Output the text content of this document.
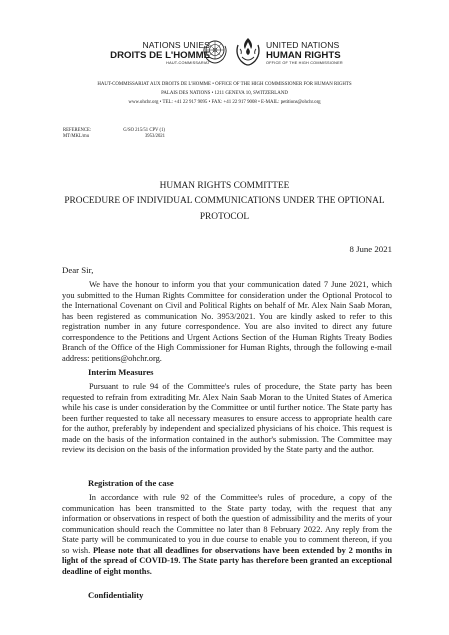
NATIONS UNIES
DROITS DE L'HOMME
HAUT-COMMISSARIAT
UNITED NATIONS
HUMAN RIGHTS
OFFICE OF THE HIGH COMMISSIONER
HAUT-COMMISSARIAT AUX DROITS DE L'HOMME • OFFICE OF THE HIGH COMMISSIONER FOR HUMAN RIGHTS
PALAIS DES NATIONS • 1211 GENEVA 10, SWITZERLAND
www.ohchr.org • TEL: +41 22 917 9095 • FAX: +41 22 917 9008 • E-MAIL: petitions@ohchr.org
REFERENCE:
MT/MKL/mu
G/SO 215/51 CPV (1)
3953/2021
HUMAN RIGHTS COMMITTEE
PROCEDURE OF INDIVIDUAL COMMUNICATIONS UNDER THE OPTIONAL
PROTOCOL
8 June 2021
Dear Sir,
We have the honour to inform you that your communication dated 7 June 2021, which you submitted to the Human Rights Committee for consideration under the Optional Protocol to the International Covenant on Civil and Political Rights on behalf of Mr. Alex Nain Saab Moran, has been registered as communication No. 3953/2021. You are kindly asked to refer to this registration number in any future correspondence. You are also invited to direct any future correspondence to the Petitions and Urgent Actions Section of the Human Rights Treaty Bodies Branch of the Office of the High Commissioner for Human Rights, through the following e-mail address: petitions@ohchr.org.
Interim Measures
Pursuant to rule 94 of the Committee's rules of procedure, the State party has been requested to refrain from extraditing Mr. Alex Nain Saab Moran to the United States of America while his case is under consideration by the Committee or until further notice. The State party has been further requested to take all necessary measures to ensure access to appropriate health care for the author, preferably by independent and specialized physicians of his choice. This request is made on the basis of the information contained in the author's submission. The Committee may review its decision on the basis of the information provided by the State party and the author.
Registration of the case
In accordance with rule 92 of the Committee's rules of procedure, a copy of the communication has been transmitted to the State party today, with the request that any information or observations in respect of both the question of admissibility and the merits of your communication should reach the Committee no later than 8 February 2022. Any reply from the State party will be communicated to you in due course to enable you to comment thereon, if you so wish. Please note that all deadlines for observations have been extended by 2 months in light of the spread of COVID-19. The State party has therefore been granted an exceptional deadline of eight months.
Confidentiality
